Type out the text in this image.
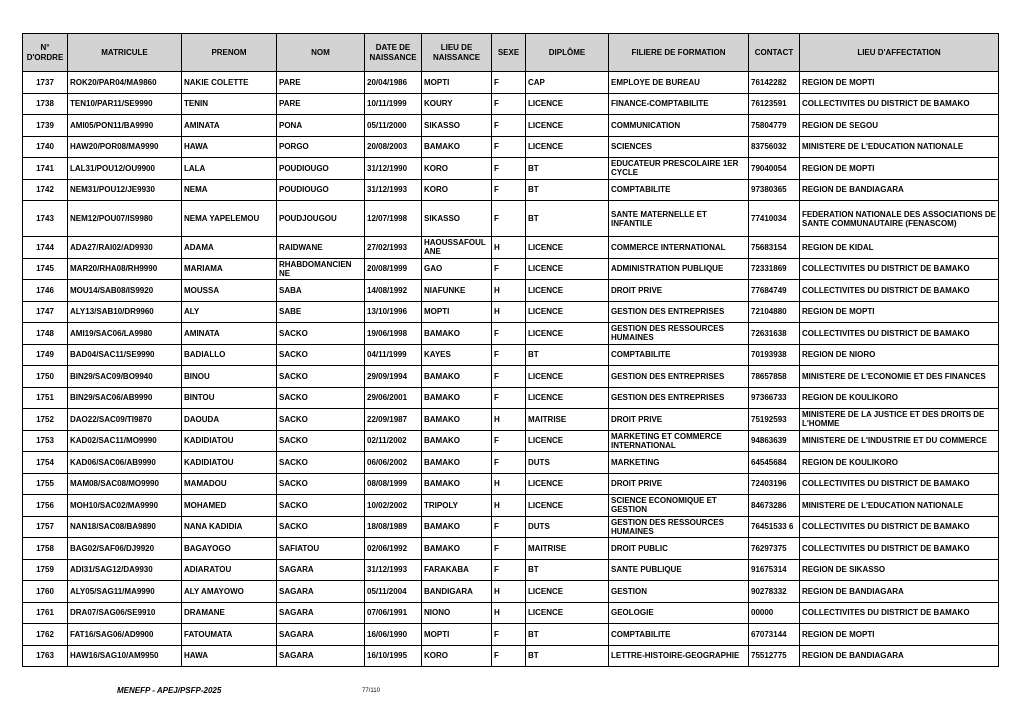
N° D'ORDRE	MATRICULE	PRENOM	NOM	DATE DE NAISSANCE	LIEU DE NAISSANCE	SEXE	DIPLÔME	FILIERE DE FORMATION	CONTACT	LIEU D'AFFECTATION
1737	ROK20/PAR04/MA9860	NAKIE COLETTE	PARE	20/04/1986	MOPTI	F	CAP	EMPLOYE DE BUREAU	76142282	REGION DE MOPTI
1738	TEN10/PAR11/SE9990	TENIN	PARE	10/11/1999	KOURY	F	LICENCE	FINANCE-COMPTABILITE	76123591	COLLECTIVITES DU DISTRICT DE BAMAKO
1739	AMI05/PON11/BA9990	AMINATA	PONA	05/11/2000	SIKASSO	F	LICENCE	COMMUNICATION	75804779	REGION DE SEGOU
1740	HAW20/POR08/MA9990	HAWA	PORGO	20/08/2003	BAMAKO	F	LICENCE	SCIENCES	83756032	MINISTERE DE L'EDUCATION NATIONALE
1741	LAL31/POU12/OU9900	LALA	POUDIOUGO	31/12/1990	KORO	F	BT	EDUCATEUR PRESCOLAIRE 1ER CYCLE	79040054	REGION DE MOPTI
1742	NEM31/POU12/JE9930	NEMA	POUDIOUGO	31/12/1993	KORO	F	BT	COMPTABILITE	97380365	REGION DE BANDIAGARA
1743	NEM12/POU07/IS9980	NEMA YAPELEMOU	POUDJOUGOU	12/07/1998	SIKASSO	F	BT	SANTE MATERNELLE ET INFANTILE	77410034	FEDERATION NATIONALE DES ASSOCIATIONS DE SANTE COMMUNAUTAIRE (FENASCOM)
1744	ADA27/RAI02/AD9930	ADAMA	RAIDWANE	27/02/1993	HAOUSSAFOUL ANE	H	LICENCE	COMMERCE INTERNATIONAL	75683154	REGION DE KIDAL
1745	MAR20/RHA08/RH9990	MARIAMA	RHABDOMANCIEN NE	20/08/1999	GAO	F	LICENCE	ADMINISTRATION PUBLIQUE	72331869	COLLECTIVITES DU DISTRICT DE BAMAKO
1746	MOU14/SAB08/IS9920	MOUSSA	SABA	14/08/1992	NIAFUNKE	H	LICENCE	DROIT PRIVE	77684749	COLLECTIVITES DU DISTRICT DE BAMAKO
1747	ALY13/SAB10/DR9960	ALY	SABE	13/10/1996	MOPTI	H	LICENCE	GESTION DES ENTREPRISES	72104880	REGION DE MOPTI
1748	AMI19/SAC06/LA9980	AMINATA	SACKO	19/06/1998	BAMAKO	F	LICENCE	GESTION DES RESSOURCES HUMAINES	72631638	COLLECTIVITES DU DISTRICT DE BAMAKO
1749	BAD04/SAC11/SE9990	BADIALLO	SACKO	04/11/1999	KAYES	F	BT	COMPTABILITE	70193938	REGION DE NIORO
1750	BIN29/SAC09/BO9940	BINOU	SACKO	29/09/1994	BAMAKO	F	LICENCE	GESTION DES ENTREPRISES	78657858	MINISTERE DE L'ECONOMIE ET DES FINANCES
1751	BIN29/SAC06/AB9990	BINTOU	SACKO	29/06/2001	BAMAKO	F	LICENCE	GESTION DES ENTREPRISES	97366733	REGION DE KOULIKORO
1752	DAO22/SAC09/TI9870	DAOUDA	SACKO	22/09/1987	BAMAKO	H	MAITRISE	DROIT PRIVE	75192593	MINISTERE DE LA JUSTICE ET DES DROITS DE L'HOMME
1753	KAD02/SAC11/MO9990	KADIDIATOU	SACKO	02/11/2002	BAMAKO	F	LICENCE	MARKETING ET COMMERCE INTERNATIONAL	94863639	MINISTERE DE L'INDUSTRIE ET DU COMMERCE
1754	KAD06/SAC06/AB9990	KADIDIATOU	SACKO	06/06/2002	BAMAKO	F	DUTS	MARKETING	64545684	REGION DE KOULIKORO
1755	MAM08/SAC08/MO9990	MAMADOU	SACKO	08/08/1999	BAMAKO	H	LICENCE	DROIT PRIVE	72403196	COLLECTIVITES DU DISTRICT DE BAMAKO
1756	MOH10/SAC02/MA9990	MOHAMED	SACKO	10/02/2002	TRIPOLY	H	LICENCE	SCIENCE ECONOMIQUE ET GESTION	84673286	MINISTERE DE L'EDUCATION NATIONALE
1757	NAN18/SAC08/BA9890	NANA KADIDIA	SACKO	18/08/1989	BAMAKO	F	DUTS	GESTION DES RESSOURCES HUMAINES	76451533 6	COLLECTIVITES DU DISTRICT DE BAMAKO
1758	BAG02/SAF06/DJ9920	BAGAYOGO	SAFIATOU	02/06/1992	BAMAKO	F	MAITRISE	DROIT PUBLIC	76297375	COLLECTIVITES DU DISTRICT DE BAMAKO
1759	ADI31/SAG12/DA9930	ADIARATOU	SAGARA	31/12/1993	FARAKABA	F	BT	SANTE PUBLIQUE	91675314	REGION DE SIKASSO
1760	ALY05/SAG11/MA9990	ALY AMAYOWO	SAGARA	05/11/2004	BANDIGARA	H	LICENCE	GESTION	90278332	REGION DE BANDIAGARA
1761	DRA07/SAG06/SE9910	DRAMANE	SAGARA	07/06/1991	NIONO	H	LICENCE	GEOLOGIE	00000	COLLECTIVITES DU DISTRICT DE BAMAKO
1762	FAT16/SAG06/AD9900	FATOUMATA	SAGARA	16/06/1990	MOPTI	F	BT	COMPTABILITE	67073144	REGION DE MOPTI
1763	HAW16/SAG10/AM9950	HAWA	SAGARA	16/10/1995	KORO	F	BT	LETTRE-HISTOIRE-GEOGRAPHIE	75512775	REGION DE BANDIAGARA
MENEFP - APEJ/PSFP-2025	77/110
